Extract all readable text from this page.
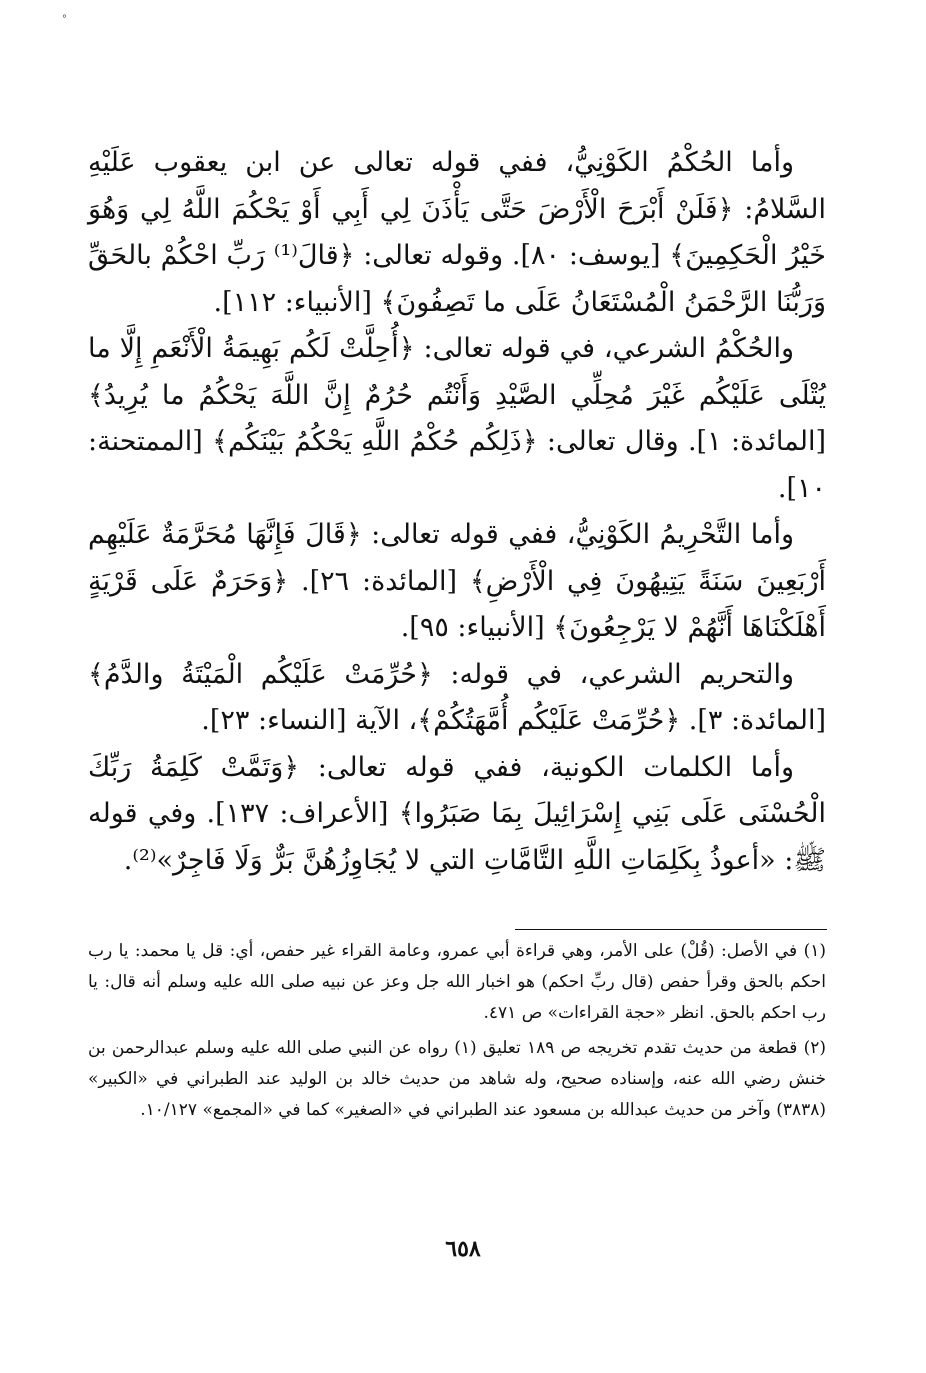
°

وأما الحُكْمُ الكَوْنِيُّ، ففي قوله تعالى عن ابن يعقوب عَلَيْهِ السَّلامُ: ﴿فَلَنْ أَبْرَحَ الْأَرْضَ حَتَّى يَأْذَنَ لِي أَبِي أَوْ يَحْكُمَ اللَّهُ لِي وَهُوَ خَيْرُ الْحَكِمِينَ﴾ [يوسف: ٨٠]. وقوله تعالى: ﴿قالَ⁽¹⁾ رَبِّ احْكُمْ بالحَقِّ وَرَبُّنَا الرَّحْمَنُ الْمُسْتَعَانُ عَلَى ما تَصِفُونَ﴾ [الأنبياء: ١١٢].

والحُكْمُ الشرعي، في قوله تعالى: ﴿أُحِلَّتْ لَكُم بَهِيمَةُ الْأَنْعَمِ إِلَّا ما يُتْلَى عَلَيْكُم غَيْرَ مُحِلِّي الصَّيْدِ وَأَنْتُم حُرُمٌ إِنَّ اللَّهَ يَحْكُمُ ما يُرِيدُ﴾ [المائدة: ١]. وقال تعالى: ﴿ذَلِكُم حُكْمُ اللَّهِ يَحْكُمُ بَيْنَكُم﴾ [الممتحنة: ١٠].

وأما التَّحْرِيمُ الكَوْنِيُّ، ففي قوله تعالى: ﴿قَالَ فَإِنَّهَا مُحَرَّمَةٌ عَلَيْهِم أَرْبَعِينَ سَنَةً يَتِيهُونَ فِي الْأَرْضِ﴾ [المائدة: ٢٦]. ﴿وَحَرَمٌ عَلَى قَرْيَةٍ أَهْلَكْنَاهَا أَنَّهُمْ لا يَرْجِعُونَ﴾ [الأنبياء: ٩٥].

والتحريم الشرعي، في قوله: ﴿حُرِّمَتْ عَلَيْكُم الْمَيْتَةُ والدَّمُ﴾ [المائدة: ٣]. ﴿حُرِّمَتْ عَلَيْكُم أُمَّهَتُكُمْ﴾، الآية [النساء: ٢٣].

وأما الكلمات الكونية، ففي قوله تعالى: ﴿وَتَمَّتْ كَلِمَةُ رَبِّكَ الْحُسْنَى عَلَى بَنِي إِسْرَائِيلَ بِمَا صَبَرُوا﴾ [الأعراف: ١٣٧]. وفي قوله ﷺ: «أعوذُ بِكَلِمَاتِ اللَّهِ التَّامَّاتِ التي لا يُجَاوِزُهُنَّ بَرٌّ وَلَا فَاجِرٌ»⁽²⁾.

(١) في الأصل: (قُلْ) على الأمر، وهي قراءة أبي عمرو، وعامة القراء غير حفص، أي: قل يا محمد: يا رب احكم بالحق وقرأ حفص (قال ربِّ احكم) هو اخبار الله جل وعز عن نبيه صلى الله عليه وسلم أنه قال: يا رب احكم بالحق. انظر «حجة القراءات» ص ٤٧١.

(٢) قطعة من حديث تقدم تخريجه ص ١٨٩ تعليق (١) رواه عن النبي صلى الله عليه وسلم عبدالرحمن بن خنش رضي الله عنه، وإسناده صحيح، وله شاهد من حديث خالد بن الوليد عند الطبراني في «الكبير» (٣٨٣٨) وآخر من حديث عبدالله بن مسعود عند الطبراني في «الصغير» كما في «المجمع» ١٠/١٢٧.

٦٥٨
